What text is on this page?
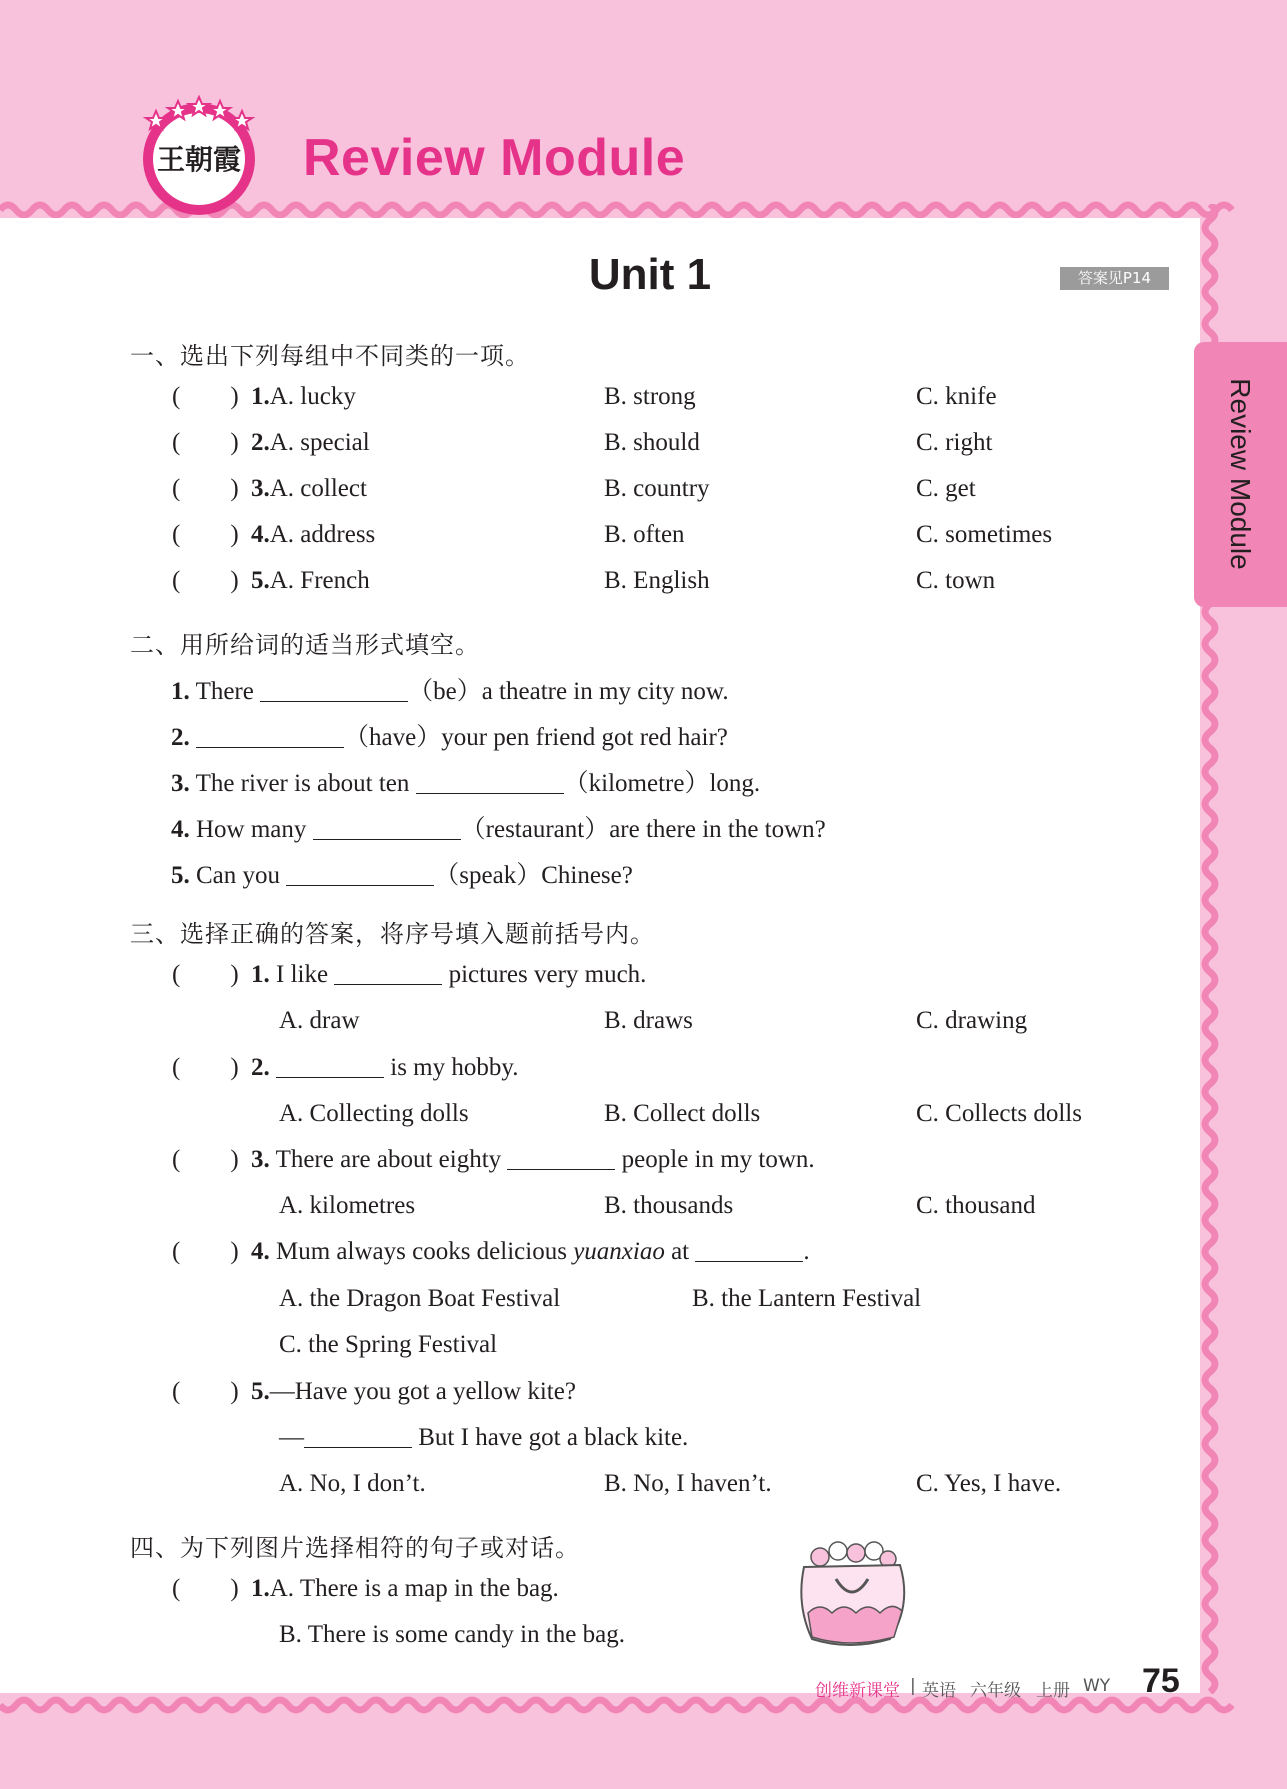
王朝霞 Review Module
Unit 1	答案见P14
Review Module
一、选出下列每组中不同类的一项。
(        ) 1.A. lucky	B. strong	C. knife
(        ) 2.A. special	B. should	C. right
(        ) 3.A. collect	B. country	C. get
(        ) 4.A. address	B. often	C. sometimes
(        ) 5.A. French	B. English	C. town
二、用所给词的适当形式填空。
1. There	（be）a theatre in my city now.
2.	（have）your pen friend got red hair?
3. The river is about ten	（kilometre）long.
4. How many	（restaurant）are there in the town?
5. Can you	（speak）Chinese?
三、选择正确的答案，将序号填入题前括号内。
(        ) 1. I like	pictures very much.
A. draw	B. draws	C. drawing
(        ) 2.	is my hobby.
A. Collecting dolls	B. Collect dolls	C. Collects dolls
(        ) 3. There are about eighty	people in my town.
A. kilometres	B. thousands	C. thousand
(        ) 4. Mum always cooks delicious yuanxiao at	.
A. the Dragon Boat Festival	B. the Lantern Festival
C. the Spring Festival
(        ) 5.—Have you got a yellow kite?
—	But I have got a black kite.
A. No, I don’t.	B. No, I haven’t.	C. Yes, I have.
四、为下列图片选择相符的句子或对话。
(        ) 1.A. There is a map in the bag.
B. There is some candy in the bag.
创维新课堂 | 英语 六年级 上册 WY 75
